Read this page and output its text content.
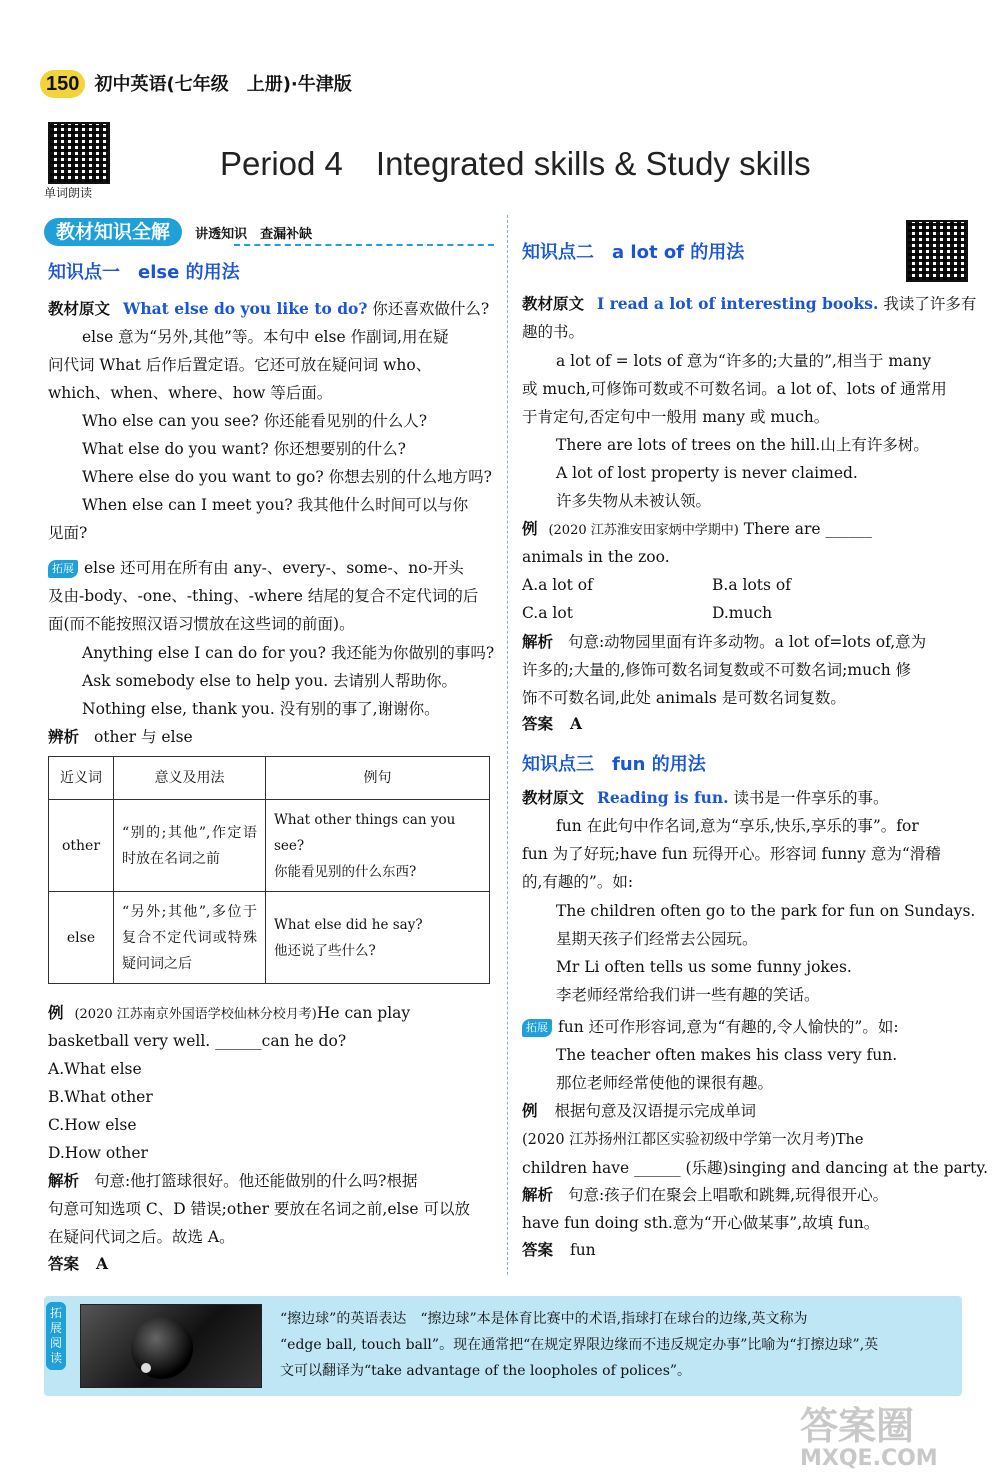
150 初中英语(七年级　上册)·牛津版
单词朗读
Period 4　Integrated skills & Study skills
教材知识全解 讲透知识　查漏补缺
知识点一　else 的用法
教材原文 What else do you like to do? 你还喜欢做什么?
else 意为“另外,其他”等。本句中 else 作副词,用在疑
问代词 What 后作后置定语。它还可放在疑问词 who、
which、when、where、how 等后面。
Who else can you see? 你还能看见别的什么人?
What else do you want? 你还想要别的什么?
Where else do you want to go? 你想去别的什么地方吗?
When else can I meet you? 我其他什么时间可以与你
见面?
拓展 else 还可用在所有由 any-、every-、some-、no-开头
及由-body、-one、-thing、-where 结尾的复合不定代词的后
面(而不能按照汉语习惯放在这些词的前面)。
Anything else I can do for you? 我还能为你做别的事吗?
Ask somebody else to help you. 去请别人帮助你。
Nothing else, thank you. 没有别的事了,谢谢你。
辨析 other 与 else
近义词	意义及用法	例句
other	“别的;其他”,作定语时放在名词之前	What other things can you see?
你能看见别的什么东西?

else	“另外;其他”,多位于复合不定代词或特殊疑问词之后	What else did he say?
他还说了些什么?
例 (2020 江苏南京外国语学校仙林分校月考)He can play
basketball very well. ______can he do?
A.What else
B.What other
C.How else
D.How other
解析 句意:他打篮球很好。他还能做别的什么吗?根据
句意可知选项 C、D 错误;other 要放在名词之前,else 可以放
在疑问代词之后。故选 A。
答案 A
知识点二　a lot of 的用法
教材原文 I read a lot of interesting books. 我读了许多有
趣的书。
a lot of = lots of 意为“许多的;大量的”,相当于 many
或 much,可修饰可数或不可数名词。a lot of、lots of 通常用
于肯定句,否定句中一般用 many 或 much。
There are lots of trees on the hill.山上有许多树。
A lot of lost property is never claimed.
许多失物从未被认领。
例 (2020 江苏淮安田家炳中学期中) There are ______
animals in the zoo.
A.a lot of	B.a lots of
C.a lot	D.much
解析 句意:动物园里面有许多动物。a lot of=lots of,意为
许多的;大量的,修饰可数名词复数或不可数名词;much 修
饰不可数名词,此处 animals 是可数名词复数。
答案 A
知识点三　fun 的用法
教材原文 Reading is fun. 读书是一件享乐的事。
fun 在此句中作名词,意为“享乐,快乐,享乐的事”。for
fun 为了好玩;have fun 玩得开心。形容词 funny 意为“滑稽
的,有趣的”。如:
The children often go to the park for fun on Sundays.
星期天孩子们经常去公园玩。
Mr Li often tells us some funny jokes.
李老师经常给我们讲一些有趣的笑话。
拓展 fun 还可作形容词,意为“有趣的,令人愉快的”。如:
The teacher often makes his class very fun.
那位老师经常使他的课很有趣。
例 根据句意及汉语提示完成单词
(2020 江苏扬州江都区实验初级中学第一次月考)The
children have ______ (乐趣)singing and dancing at the party.
解析 句意:孩子们在聚会上唱歌和跳舞,玩得很开心。
have fun doing sth.意为“开心做某事”,故填 fun。
答案 fun
拓展阅读
“擦边球”的英语表达　“擦边球”本是体育比赛中的术语,指球打在球台的边缘,英文称为
“edge ball, touch ball”。现在通常把“在规定界限边缘而不违反规定办事”比喻为“打擦边球”,英
文可以翻译为“take advantage of the loopholes of polices”。
答案圈
MXQE.COM
